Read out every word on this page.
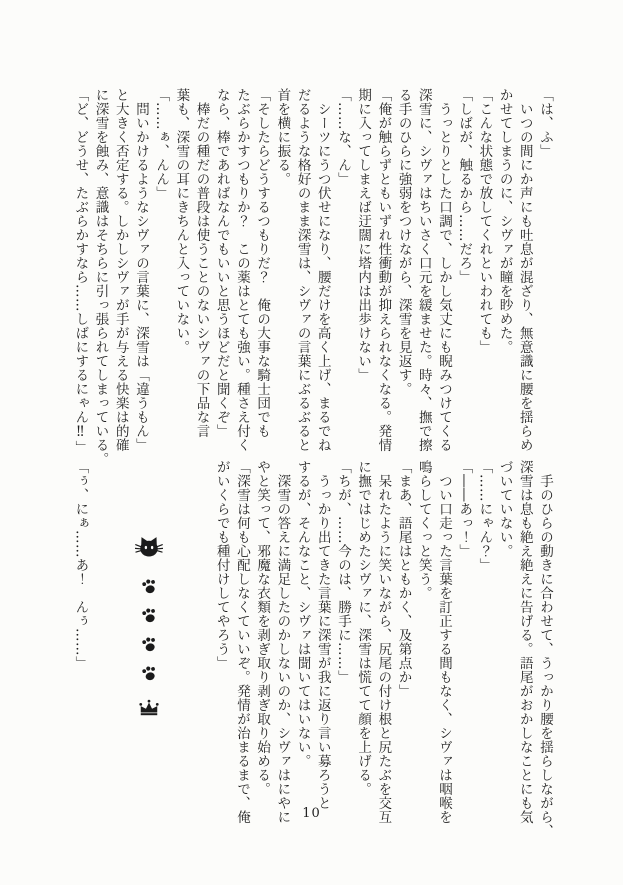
「は、ふ」

いつの間にか声にも吐息が混ざり、無意識に腰を揺らめ

かせてしまうのに、シヴァが瞳を眇めた。

「こんな状態で放してくれといわれても」

「しばが、触るから……だろ」

うっとりとした口調で、しかし気丈にも睨みつけてくる

深雪に、シヴァはちいさく口元を緩ませた。時々、撫で擦

る手のひらに強弱をつけながら、深雪を見返す。

「俺が触らずともいずれ性衝動が抑えられなくなる。発情

期に入ってしまえば迂闊に塔内は出歩けない」

「……な、ん」

シーツにうつ伏せになり、腰だけを高く上げ、まるでね

だるような格好のまま深雪は、シヴァの言葉にぶるぶると

首を横に振る。

「そしたらどうするつもりだ？　俺の大事な騎士団でも

たぶらかすつもりか？　この薬はとても強い。種さえ付く

なら、棒であればなんでもいいと思うほどだと聞くぞ」

棒だの種だの普段は使うことのないシヴァの下品な言

葉も、深雪の耳にきちんと入っていない。

「……ぁ、んん」

問いかけるようなシヴァの言葉に、深雪は「違うもん」

と大きく否定する。しかしシヴァが手が与える快楽は的確

に深雪を蝕み、意識はそちらに引っ張られてしまっている。

「ど、どうせ、たぶらかすなら……しばにするにゃん‼」

手のひらの動きに合わせて、うっかり腰を揺らしながら、

深雪は息も絶え絶えに告げる。語尾がおかしなことにも気

づいていない。

「……にゃん？」

「――あっ！」

つい口走った言葉を訂正する間もなく、シヴァは咽喉を

鳴らしてくっと笑う。

「まあ、語尾はともかく、及第点か」

呆れたように笑いながら、尻尾の付け根と尻たぶを交互

に撫ではじめたシヴァに、深雪は慌てて顔を上げる。

「ちが、……今のは、勝手に……」

うっかり出てきた言葉に深雪が我に返り言い募ろうと

するが、そんなこと、シヴァは聞いてはいない。

深雪の答えに満足したのかしないのか、シヴァはにやに

やと笑って、邪魔な衣類を剥ぎ取り剥ぎ取り始める。

「深雪は何も心配しなくていいぞ。発情が治まるまで、俺

がいくらでも種付けしてやろう」

「ぅ、にぁ……あ！　んぅ……」

10
